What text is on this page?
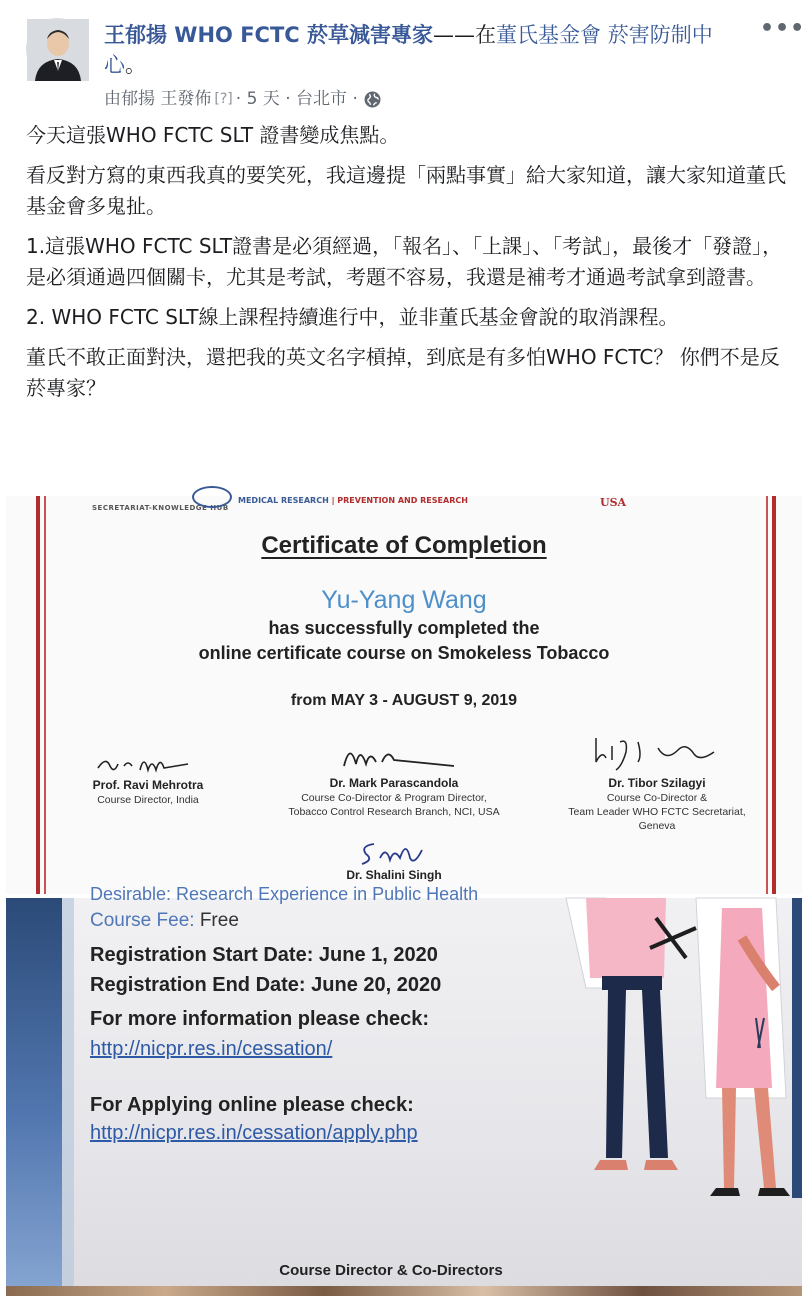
王郁揚 WHO FCTC 菸草減害專家——在董氏基金會 菸害防制中心。
•••
由郁揚 王發佈 [?] ·
5 天
·
台北市
·

今天這張WHO FCTC SLT 證書變成焦點。

看反對方寫的東西我真的要笑死，我這邊提「兩點事實」給大家知道，讓大家知道董氏基金會多鬼扯。

1.這張WHO FCTC SLT證書是必須經過，「報名」、「上課」、「考試」，最後才「發證」，是必須通過四個關卡，尤其是考試，考題不容易，我還是補考才通過考試拿到證書。

2. WHO FCTC SLT線上課程持續進行中，並非董氏基金會說的取消課程。

董氏不敢正面對決，還把我的英文名字槓掉，到底是有多怕WHO FCTC？ 你們不是反菸專家？

SECRETARIAT-KNOWLEDGE HUB
MEDICAL RESEARCH | PREVENTION AND RESEARCH	USA
Certificate of Completion
Yu-Yang Wang
has successfully completed the
online certificate course on Smokeless Tobacco
from MAY 3 - AUGUST 9, 2019
Prof. Ravi Mehrotra
Course Director, India
Dr. Mark Parascandola
Course Co-Director & Program Director,
Tobacco Control Research Branch, NCI, USA
Dr. Tibor Szilagyi
Course Co-Director &
Team Leader WHO FCTC Secretariat,
Geneva
Dr. Shalini Singh
Desirable: Research Experience in Public Health
Course Fee: Free
Registration Start Date: June 1, 2020
Registration End Date: June 20, 2020
For more information please check:
http://nicpr.res.in/cessation/
For Applying online please check:
http://nicpr.res.in/cessation/apply.php
Course Director & Co-Directors
